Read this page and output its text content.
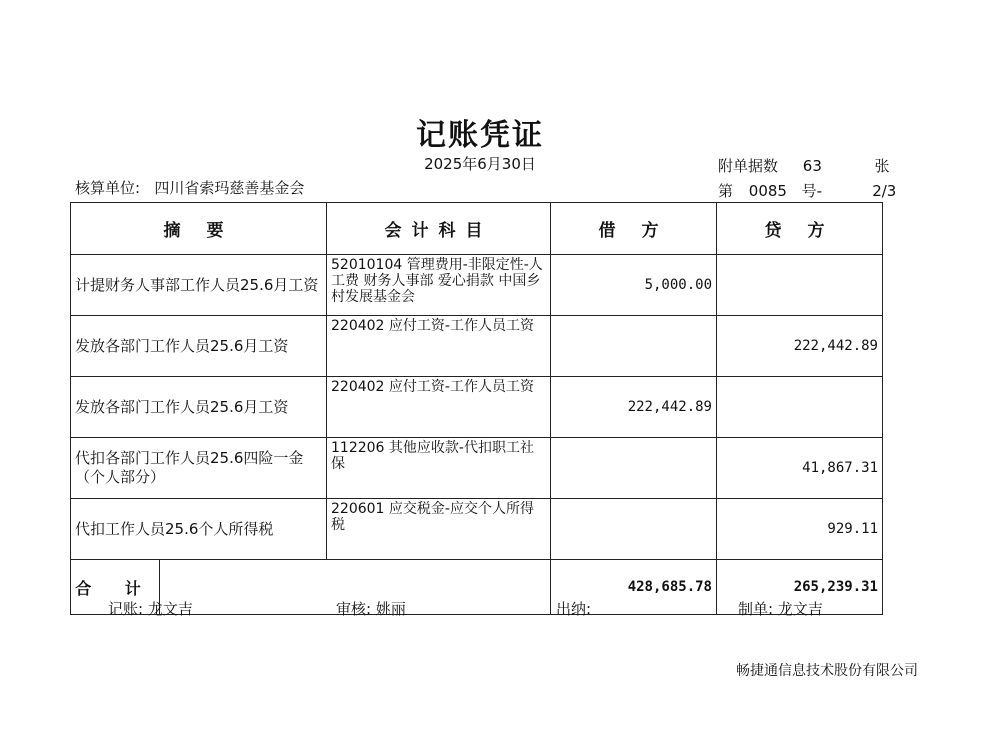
记账凭证
2025年6月30日
核算单位: 四川省索玛慈善基金会
附单据数 63	张
第 0085 号-	2/3
摘 要	会计科目	借 方	贷 方
计提财务人事部工作人员25.6月工资	52010104 管理费用-非限定性-人工费 财务人事部 爱心捐款 中国乡村发展基金会	5,000.00	
发放各部门工作人员25.6月工资	220402 应付工资-工作人员工资		222,442.89
发放各部门工作人员25.6月工资	220402 应付工资-工作人员工资	222,442.89	
代扣各部门工作人员25.6四险一金（个人部分）	112206 其他应收款-代扣职工社保		41,867.31
代扣工作人员25.6个人所得税	220601 应交税金-应交个人所得税		929.11

合 计		428,685.78	265,239.31
记账: 龙文吉	审核: 姚丽	出纳:	制单: 龙文吉
畅捷通信息技术股份有限公司
